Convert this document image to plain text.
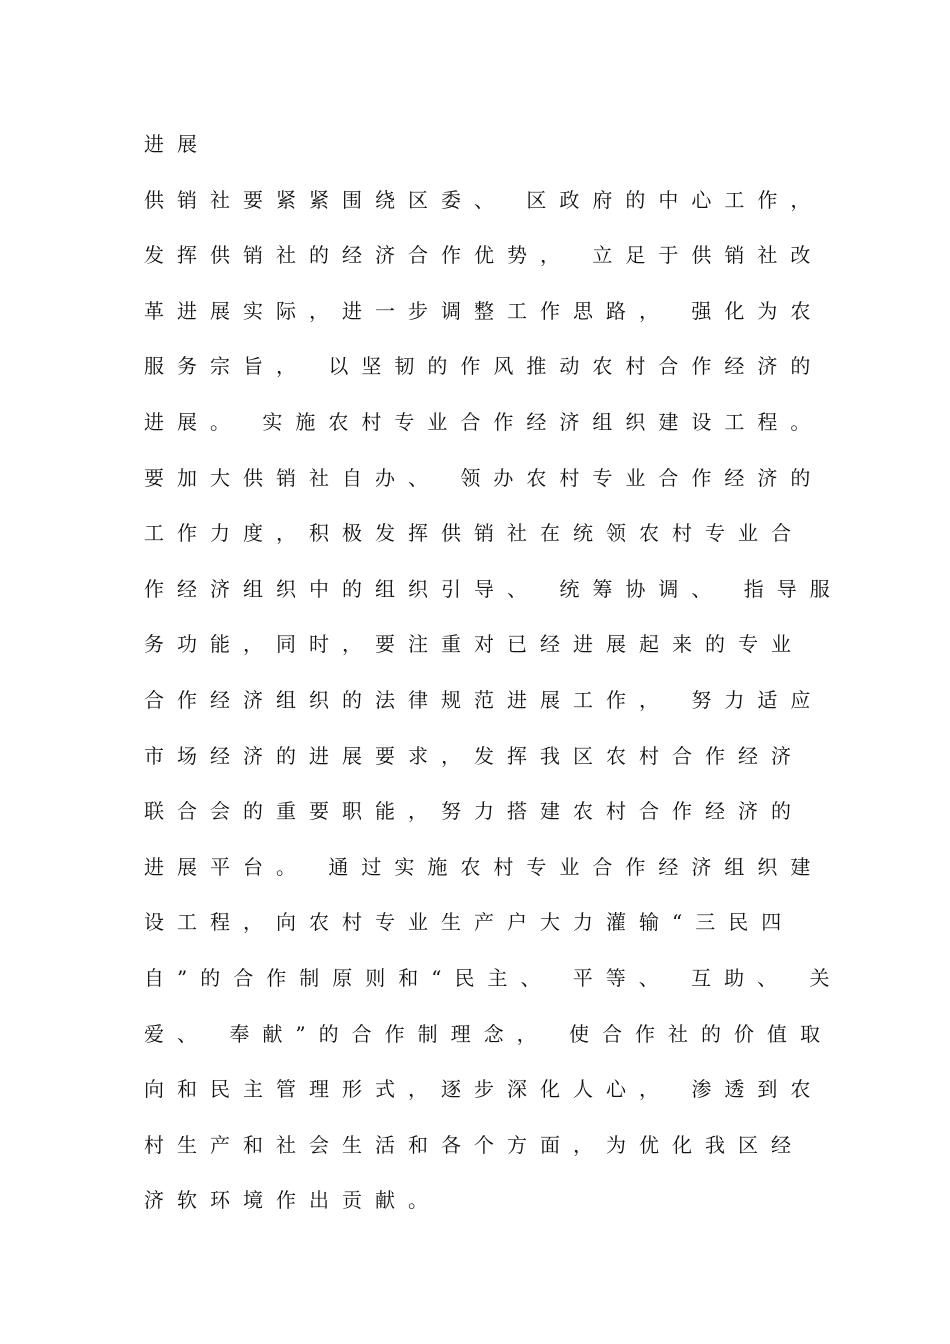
进展
供销社要紧紧围绕区委、 区政府的中心工作，
发挥供销社的经济合作优势， 立足于供销社改
革进展实际，进一步调整工作思路， 强化为农
服务宗旨， 以坚韧的作风推动农村合作经济的
进展。 实施农村专业合作经济组织建设工程。
要加大供销社自办、 领办农村专业合作经济的
工作力度，积极发挥供销社在统领农村专业合
作经济组织中的组织引导、 统筹协调、 指导服
务功能，同时，要注重对已经进展起来的专业
合作经济组织的法律规范进展工作， 努力适应
市场经济的进展要求，发挥我区农村合作经济
联合会的重要职能，努力搭建农村合作经济的
进展平台。 通过实施农村专业合作经济组织建
设工程，向农村专业生产户大力灌输“三民四
自”的合作制原则和“民主、 平等、 互助、 关
爱、 奉献”的合作制理念， 使合作社的价值取
向和民主管理形式，逐步深化人心， 渗透到农
村生产和社会生活和各个方面，为优化我区经
济软环境作出贡献。
